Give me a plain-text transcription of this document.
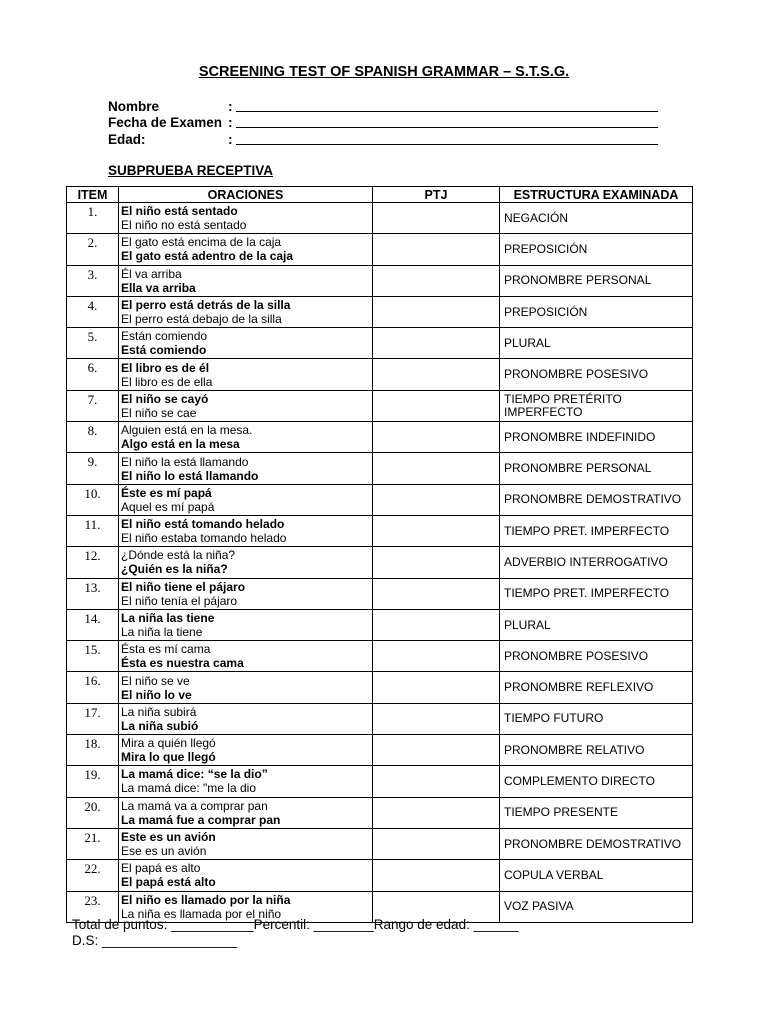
SCREENING TEST OF SPANISH GRAMMAR – S.T.S.G.
Nombre	:
Fecha de Examen :
Edad:	:
SUBPRUEBA RECEPTIVA
ITEM	ORACIONES	PTJ	ESTRUCTURA EXAMINADA
1.	El niño está sentado
El niño no está sentado		NEGACIÓN
2.	El gato está encima de la caja
El gato está adentro de la caja		PREPOSICIÓN
3.	Él va arriba
Ella va arriba		PRONOMBRE PERSONAL
4.	El perro está detrás de la silla
El perro está debajo de la silla		PREPOSICIÓN
5.	Están comiendo
Está comiendo		PLURAL
6.	El libro es de él
El libro es de ella		PRONOMBRE POSESIVO
7.	El niño se cayó
El niño se cae		TIEMPO PRETÉRITO IMPERFECTO
8.	Alguien está en la mesa.
Algo está en la mesa		PRONOMBRE INDEFINIDO
9.	El niño la está llamando
El niño lo está llamando		PRONOMBRE PERSONAL
10.	Éste es mí papá
Aquel es mí papá		PRONOMBRE DEMOSTRATIVO
11.	El niño está tomando helado
El niño estaba tomando helado		TIEMPO PRET. IMPERFECTO
12.	¿Dónde está la niña?
¿Quién es la niña?		ADVERBIO INTERROGATIVO
13.	El niño tiene el pájaro
El niño tenía el pájaro		TIEMPO PRET. IMPERFECTO
14.	La niña las tiene
La niña la tiene		PLURAL
15.	Ésta es mí cama
Ésta es nuestra cama		PRONOMBRE POSESIVO
16.	El niño se ve
El niño lo ve		PRONOMBRE REFLEXIVO
17.	La niña subirá
La niña subió		TIEMPO FUTURO
18.	Mira a quién llegó
Mira lo que llegó		PRONOMBRE RELATIVO
19.	La mamá dice: “se la dio”
La mamá dice: "me la dio		COMPLEMENTO DIRECTO
20.	La mamá va a comprar pan
La mamá fue a comprar pan		TIEMPO PRESENTE
21.	Este es un avión
Ese es un avión		PRONOMBRE DEMOSTRATIVO
22.	El papá es alto
El papá está alto		COPULA VERBAL
23.	El niño es llamado por la niña
La niña es llamada por el niño		VOZ PASIVA
Total de puntos: ___________Percentil: ________Rango de edad: ______
D.S: __________________
